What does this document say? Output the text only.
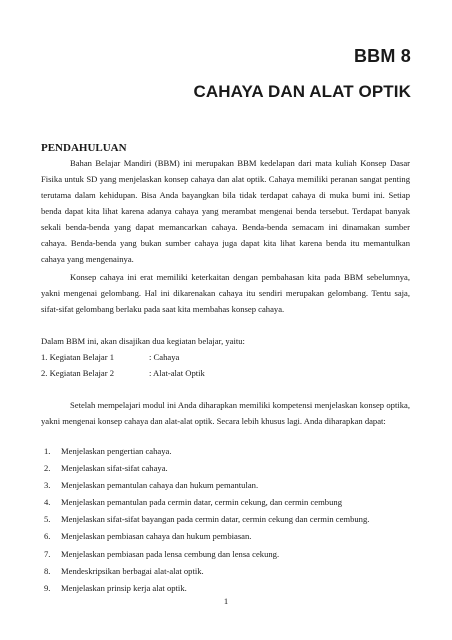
BBM 8
CAHAYA DAN ALAT OPTIK
PENDAHULUAN

Bahan Belajar Mandiri (BBM) ini merupakan BBM kedelapan dari mata kuliah Konsep Dasar Fisika untuk SD yang menjelaskan konsep cahaya dan alat optik. Cahaya memiliki peranan sangat penting terutama dalam kehidupan. Bisa Anda bayangkan bila tidak terdapat cahaya di muka bumi ini. Setiap benda dapat kita lihat karena adanya cahaya yang merambat mengenai benda tersebut. Terdapat banyak sekali benda-benda yang dapat memancarkan cahaya. Benda-benda semacam ini dinamakan sumber cahaya. Benda-benda yang bukan sumber cahaya juga dapat kita lihat karena benda itu memantulkan cahaya yang mengenainya.

Konsep cahaya ini erat memiliki keterkaitan dengan pembahasan kita pada BBM sebelumnya, yakni mengenai gelombang. Hal ini dikarenakan cahaya itu sendiri merupakan gelombang. Tentu saja, sifat-sifat gelombang berlaku pada saat kita membahas konsep cahaya.

Dalam BBM ini, akan disajikan dua kegiatan belajar, yaitu:

1. Kegiatan Belajar 1	: Cahaya

2. Kegiatan Belajar 2	: Alat-alat Optik

Setelah mempelajari modul ini Anda diharapkan memiliki kompetensi menjelaskan konsep optika, yakni mengenai konsep cahaya dan alat-alat optik. Secara lebih khusus lagi. Anda diharapkan dapat:

1.	Menjelaskan pengertian cahaya.
2.	Menjelaskan sifat-sifat cahaya.
3.	Menjelaskan pemantulan cahaya dan hukum pemantulan.
4.	Menjelaskan pemantulan pada cermin datar, cermin cekung, dan cermin cembung
5.	Menjelaskan sifat-sifat bayangan pada cermin datar, cermin cekung dan cermin cembung.
6.	Menjelaskan pembiasan cahaya dan hukum pembiasan.
7.	Menjelaskan pembiasan pada lensa cembung dan lensa cekung.
8.	Mendeskripsikan berbagai alat-alat optik.
9.	Menjelaskan prinsip kerja alat optik.

1
